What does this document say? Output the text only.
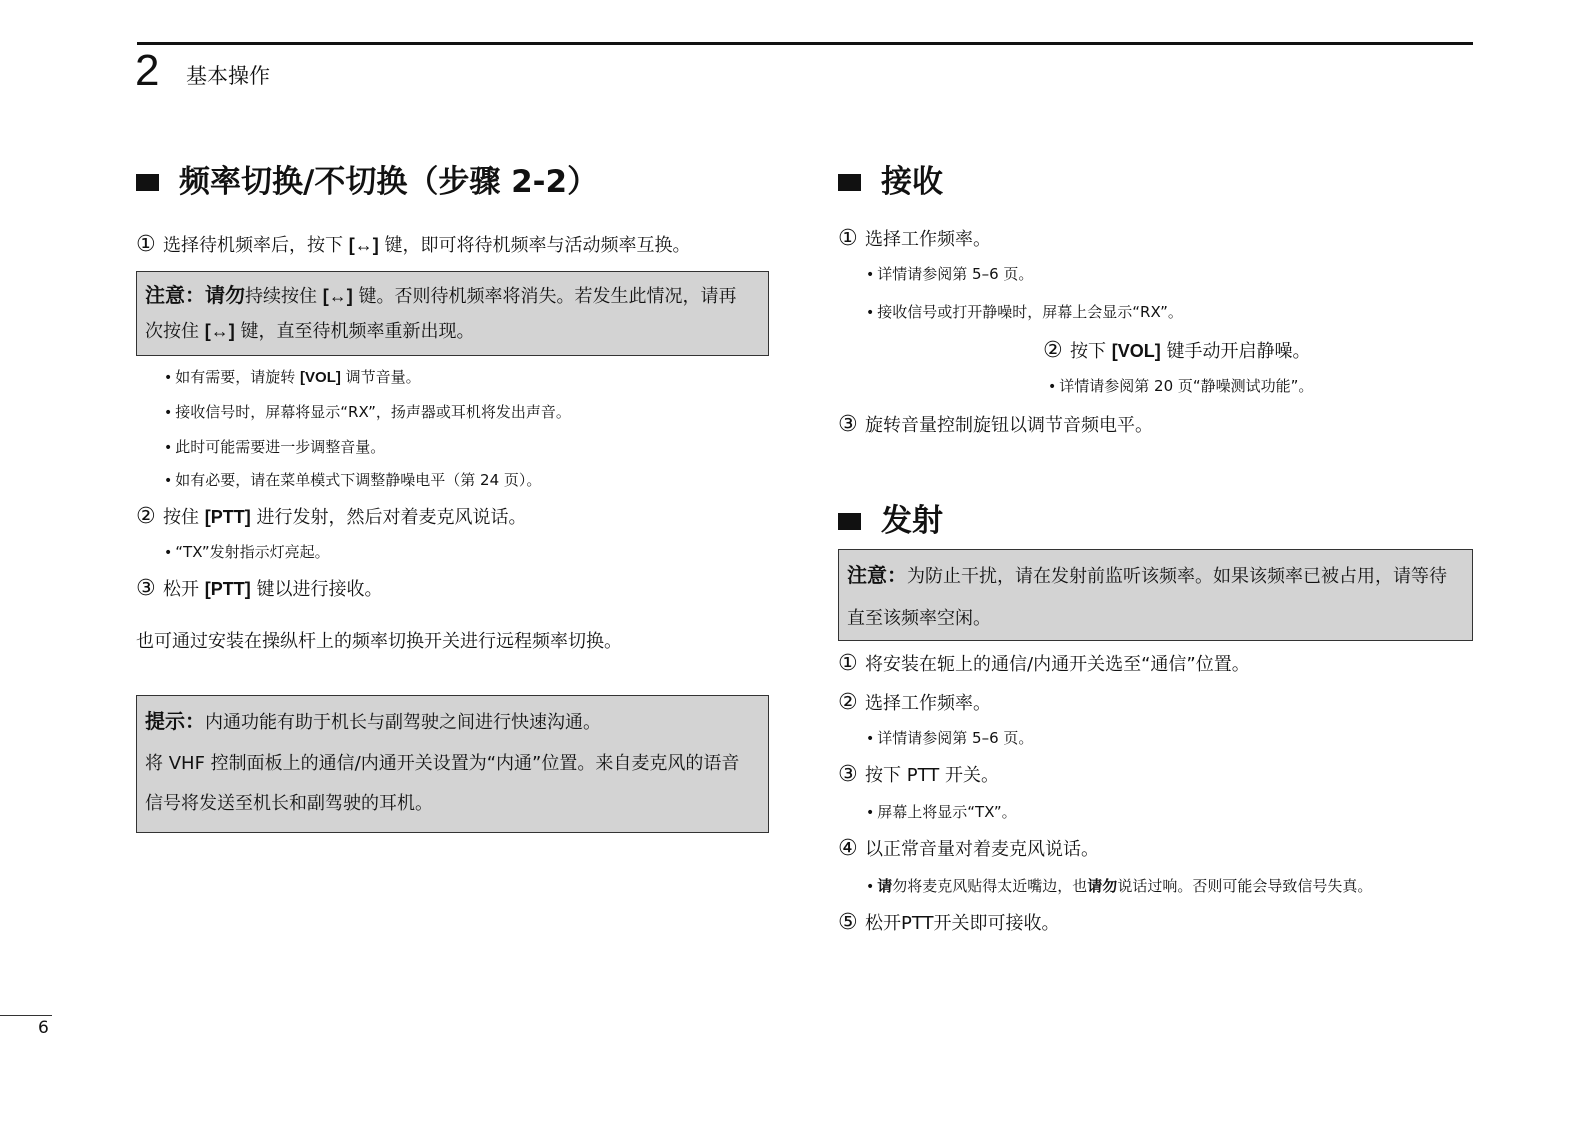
2 基本操作
频率切换/不切换（步骤 2-2）
① 选择待机频率后，按下 [↔] 键，即可将待机频率与活动频率互换。
注意：请勿持续按住 [↔] 键。否则待机频率将消失。若发生此情况，请再
次按住 [↔] 键，直至待机频率重新出现。
• 如有需要，请旋转 [VOL] 调节音量。
• 接收信号时，屏幕将显示“RX”，扬声器或耳机将发出声音。
• 此时可能需要进一步调整音量。
• 如有必要，请在菜单模式下调整静噪电平（第 24 页）。
② 按住 [PTT] 进行发射，然后对着麦克风说话。
• “TX”发射指示灯亮起。
③ 松开 [PTT] 键以进行接收。
也可通过安装在操纵杆上的频率切换开关进行远程频率切换。
提示：内通功能有助于机长与副驾驶之间进行快速沟通。
将 VHF 控制面板上的通信/内通开关设置为“内通”位置。来自麦克风的语音
信号将发送至机长和副驾驶的耳机。
接收
① 选择工作频率。
• 详情请参阅第 5–6 页。
• 接收信号或打开静噪时，屏幕上会显示“RX”。
② 按下 [VOL] 键手动开启静噪。
• 详情请参阅第 20 页“静噪测试功能”。
③ 旋转音量控制旋钮以调节音频电平。
发射
注意：为防止干扰，请在发射前监听该频率。如果该频率已被占用，请等待
直至该频率空闲。
① 将安装在轭上的通信/内通开关选至“通信”位置。
② 选择工作频率。
• 详情请参阅第 5–6 页。
③ 按下 PTT 开关。
• 屏幕上将显示“TX”。
④ 以正常音量对着麦克风说话。
• 请勿将麦克风贴得太近嘴边，也请勿说话过响。否则可能会导致信号失真。
⑤ 松开PTT开关即可接收。
6
